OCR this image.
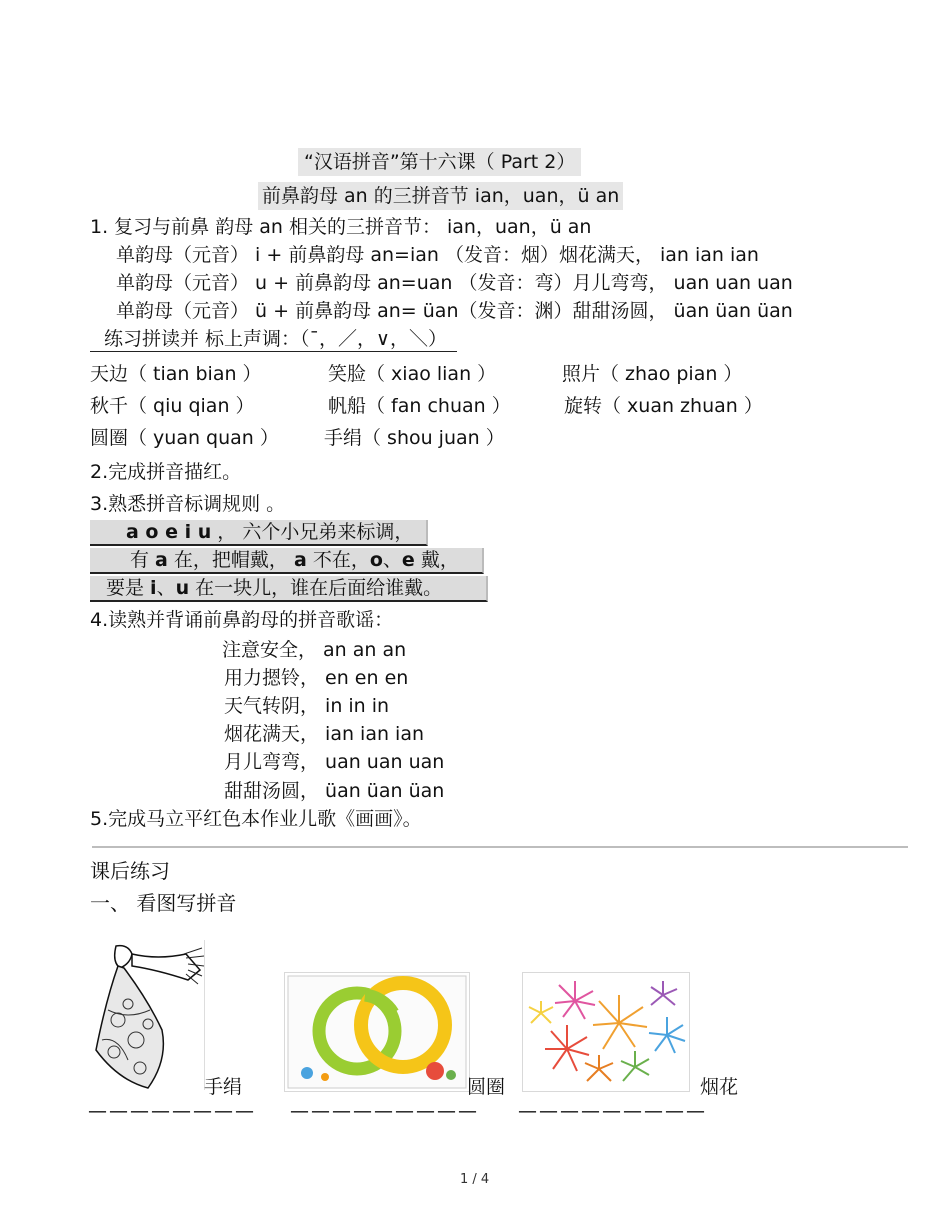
“汉语拼音”第十六课（ Part 2）
前鼻韵母 an 的三拼音节 ian，uan，ü an
1. 复习与前鼻 韵母 an 相关的三拼音节： ian，uan，ü an
单韵母（元音） i + 前鼻韵母 an=ian （发音：烟）烟花满天， ian ian ian
单韵母（元音） u + 前鼻韵母 an=uan （发音：弯）月儿弯弯， uan uan uan
单韵母（元音） ü + 前鼻韵母 an= üan（发音：渊）甜甜汤圆， üan üan üan
练习拼读并 标上声调：（ˉ，／，∨，＼）
天边（ tian bian ）	笑脸（ xiao lian ）	照片（ zhao pian ）
秋千（ qiu qian ）	帆船（ fan chuan ）	旋转（ xuan zhuan ）
圆圈（ yuan quan ） 手绢（ shou juan ）
2.完成拼音描红。
3.熟悉拼音标调规则 。
a o e i u ， 六个小兄弟来标调，
有 a 在，把帽戴， a 不在，o、e 戴，
要是 i、u 在一块儿，谁在后面给谁戴。
4.读熟并背诵前鼻韵母的拼音歌谣：
注意安全， an an an
用力摁铃， en en en
天气转阴， in in in
烟花满天， ian ian ian
月儿弯弯， uan uan uan
甜甜汤圆， üan üan üan
5.完成马立平红色本作业儿歌《画画》。
课后练习
一、 看图写拼音
手绢	圆圈	烟花
———————— ————————— —————————
1 / 4
